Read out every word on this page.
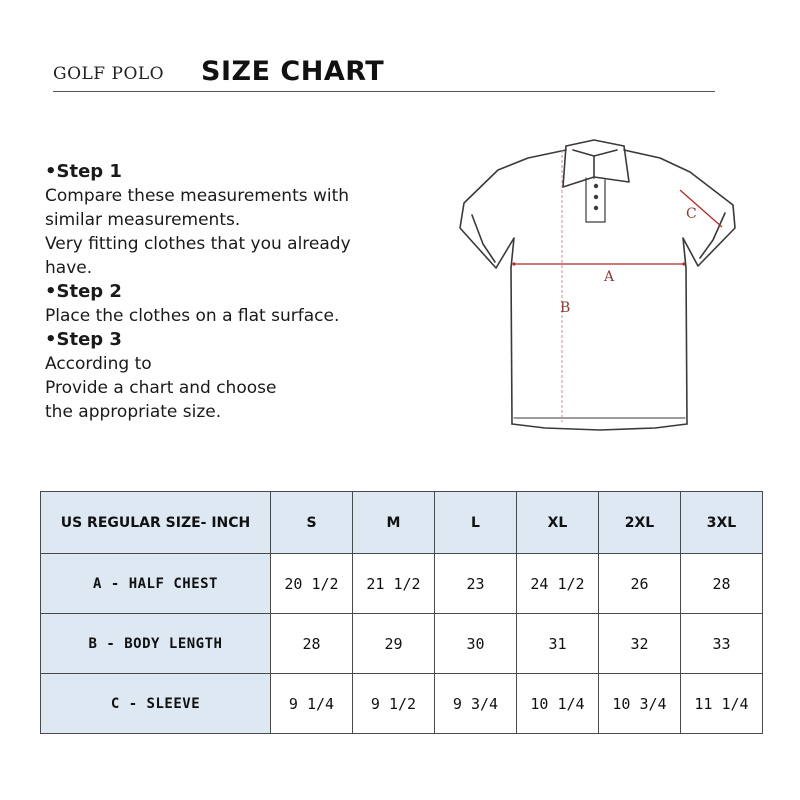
GOLF POLO SIZE CHART
•Step 1
Compare these measurements with
similar measurements.
Very fitting clothes that you already
have.
•Step 2
Place the clothes on a flat surface.
•Step 3
According to
Provide a chart and choose
the appropriate size.
A
B
C
US REGULAR SIZE- INCH	S	M	L	XL	2XL	3XL
A - HALF CHEST	20 1/2	21 1/2	23	24 1/2	26	28
B - BODY LENGTH	28	29	30	31	32	33
C - SLEEVE	9 1/4	9 1/2	9 3/4	10 1/4	10 3/4	11 1/4
